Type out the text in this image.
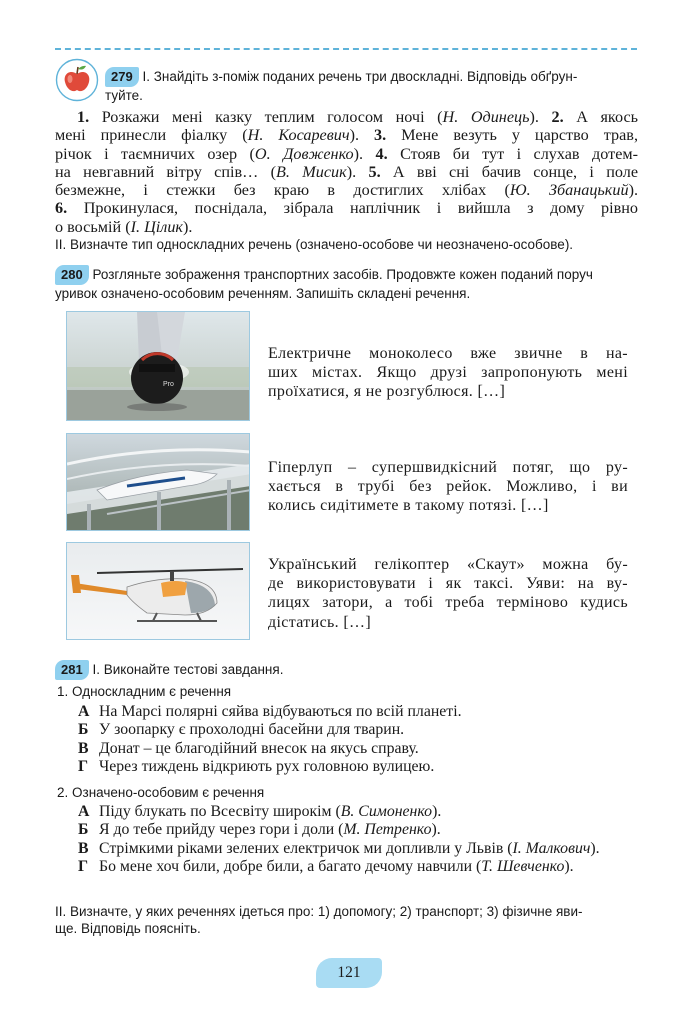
279 І. Знайдіть з-поміж поданих речень три двоскладні. Відповідь обґрун-
туйте.
1. Розкажи мені казку теплим голосом ночі (Н. Одинець). 2. А якось
мені принесли фіалку (Н. Косаревич). 3. Мене везуть у царство трав,
річок і таємничих озер (О. Довженко). 4. Стояв би тут і слухав дотем-
на невгавний вітру спів… (В. Мисик). 5. А вві сні бачив сонце, і поле
безмежне, і стежки без краю в достиглих хлібах (Ю. Збанацький).
6. Прокинулася, поснідала, зібрала наплічник і вийшла з дому рівно
о восьмій (І. Цілик).
ІІ. Визначте тип односкладних речень (означено-особове чи неозначено-особове).
280 Розгляньте зображення транспортних засобів. Продовжте кожен поданий поруч
уривок означено-особовим реченням. Запишіть складені речення.
Pro
Електричне моноколесо вже звичне в на-
ших містах. Якщо друзі запропонують мені
проїхатися, я не розгублюся. […]
Гіперлуп – супершвидкісний потяг, що ру-
хається в трубі без рейок. Можливо, і ви
колись сидітимете в такому потязі. […]
Український гелікоптер «Скаут» можна бу-
де використовувати і як таксі. Уяви: на ву-
лицях затори, а тобі треба терміново кудись
дістатись. […]
281 І. Виконайте тестові завдання.
1. Односкладним є речення
А На Марсі полярні сяйва відбуваються по всій планеті.
Б У зоопарку є прохолодні басейни для тварин.
В Донат – це благодійний внесок на якусь справу.
Г Через тиждень відкриють рух головною вулицею.
2. Означено-особовим є речення
А Піду блукать по Всесвіту широкім (В. Симоненко).
Б Я до тебе прийду через гори і доли (М. Петренко).
В Стрімкими ріками зелених електричок ми допливли у Львів (І. Малкович).
Г Бо мене хоч били, добре били, а багато дечому навчили (Т. Шевченко).
ІІ. Визначте, у яких реченнях ідеться про: 1) допомогу; 2) транспорт; 3) фізичне яви-
ще. Відповідь поясніть.
121
